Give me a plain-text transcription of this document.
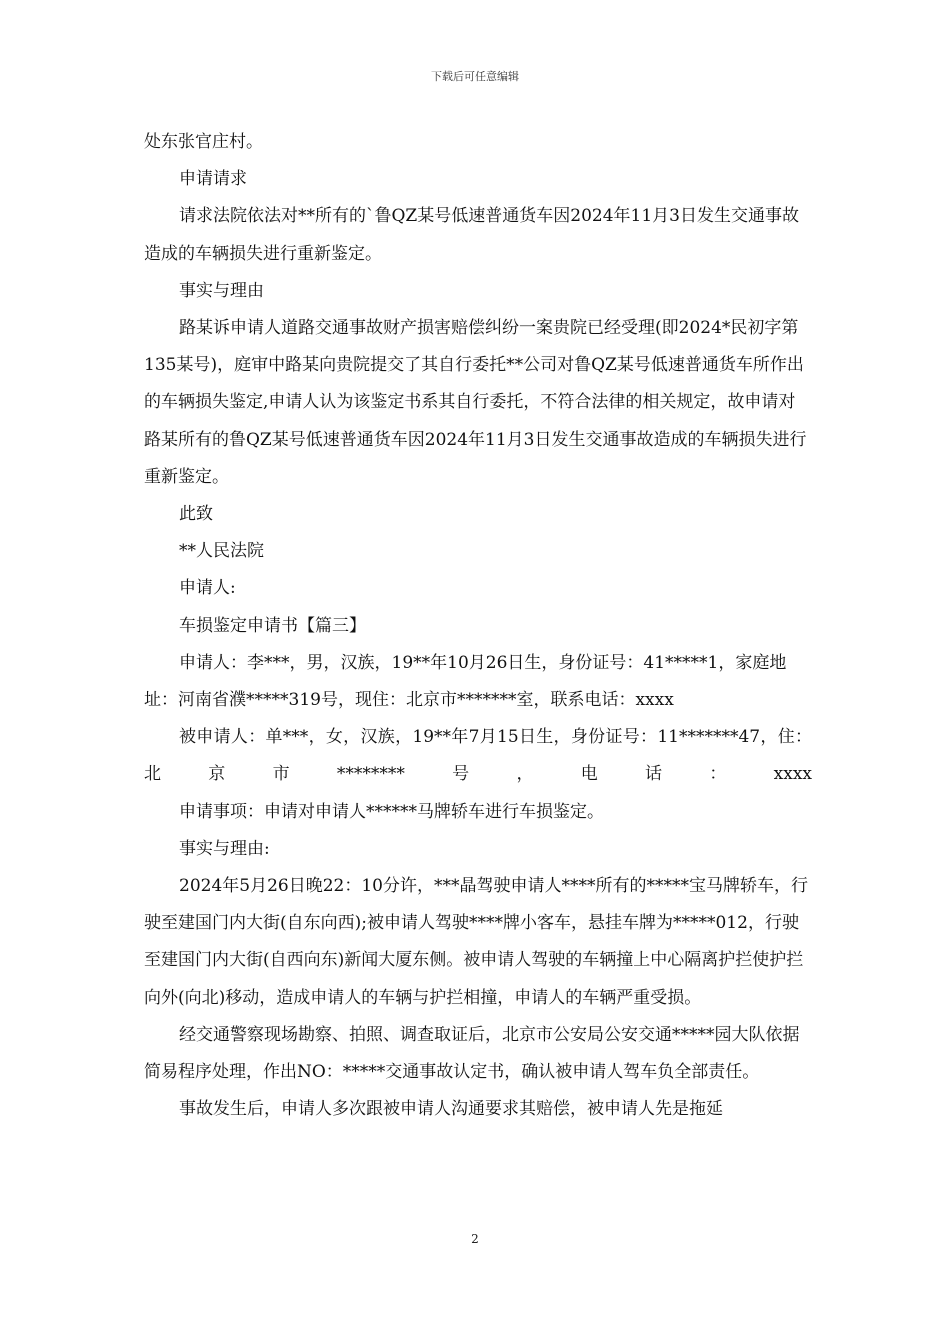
下载后可任意编辑

处东张官庄村。

申请请求

请求法院依法对**所有的`鲁QZ某号低速普通货车因2024年11月3日发生交通事故造成的车辆损失进行重新鉴定。

事实与理由

路某诉申请人道路交通事故财产损害赔偿纠纷一案贵院已经受理(即2024*民初字第135某号)，庭审中路某向贵院提交了其自行委托**公司对鲁QZ某号低速普通货车所作出的车辆损失鉴定,申请人认为该鉴定书系其自行委托，不符合法律的相关规定，故申请对路某所有的鲁QZ某号低速普通货车因2024年11月3日发生交通事故造成的车辆损失进行重新鉴定。

此致

**人民法院

申请人:

车损鉴定申请书【篇三】

申请人：李***，男，汉族，19**年10月26日生，身份证号：41*****1，家庭地址：河南省濮*****319号，现住：北京市*******室，联系电话：xxxx

被申请人：单***，女，汉族，19**年7月15日生，身份证号：11*******47，住：北京市********号，电话：xxxx

申请事项：申请对申请人******马牌轿车进行车损鉴定。

事实与理由:

2024年5月26日晚22：10分许，***晶驾驶申请人****所有的*****宝马牌轿车，行驶至建国门内大街(自东向西);被申请人驾驶****牌小客车，悬挂车牌为*****012，行驶至建国门内大街(自西向东)新闻大厦东侧。被申请人驾驶的车辆撞上中心隔离护拦使护拦向外(向北)移动，造成申请人的车辆与护拦相撞，申请人的车辆严重受损。

经交通警察现场勘察、拍照、调查取证后，北京市公安局公安交通*****园大队依据简易程序处理，作出NO：*****交通事故认定书，确认被申请人驾车负全部责任。

事故发生后，申请人多次跟被申请人沟通要求其赔偿，被申请人先是拖延

2
